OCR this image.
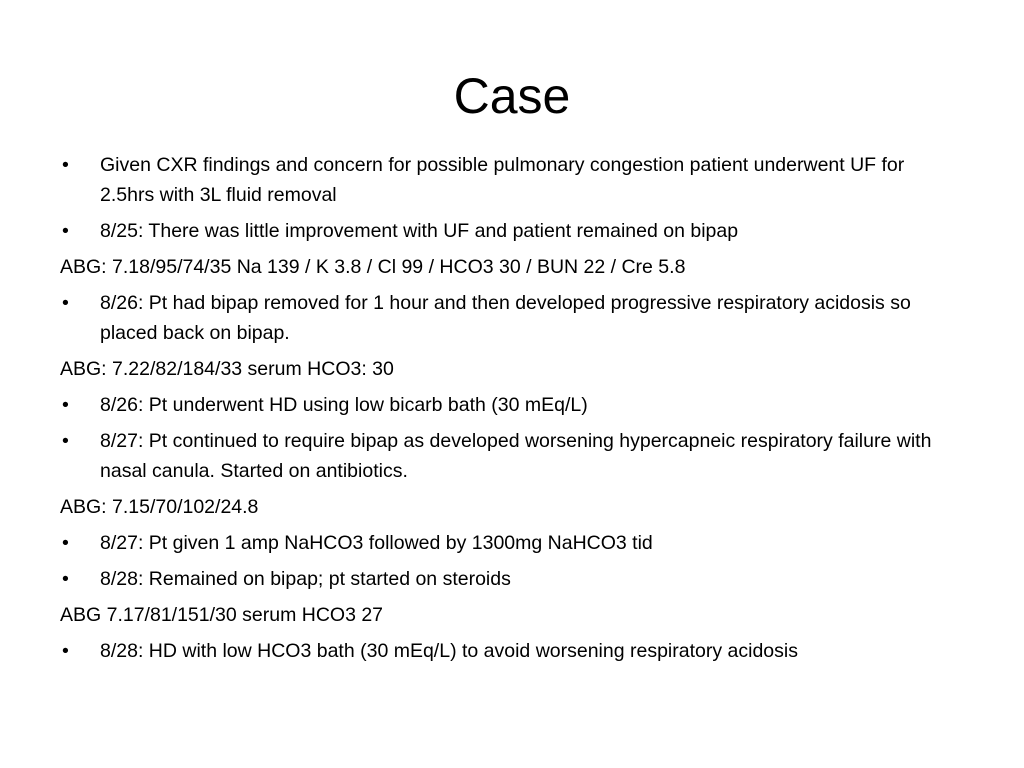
Case

• Given CXR findings and concern for possible pulmonary congestion patient underwent UF for 2.5hrs with 3L fluid removal

• 8/25: There was little improvement with UF and patient remained on bipap

ABG: 7.18/95/74/35 Na 139 / K 3.8 / Cl 99 / HCO3 30 / BUN 22 / Cre 5.8

• 8/26: Pt had bipap removed for 1 hour and then developed progressive respiratory acidosis so placed back on bipap.

ABG: 7.22/82/184/33 serum HCO3: 30

• 8/26: Pt underwent HD using low bicarb bath (30 mEq/L)

• 8/27: Pt continued to require bipap as developed worsening hypercapneic respiratory failure with nasal canula. Started on antibiotics.

ABG: 7.15/70/102/24.8

• 8/27: Pt given 1 amp NaHCO3 followed by 1300mg NaHCO3 tid

• 8/28: Remained on bipap; pt started on steroids

ABG 7.17/81/151/30 serum HCO3 27

• 8/28: HD with low HCO3 bath (30 mEq/L) to avoid worsening respiratory acidosis
